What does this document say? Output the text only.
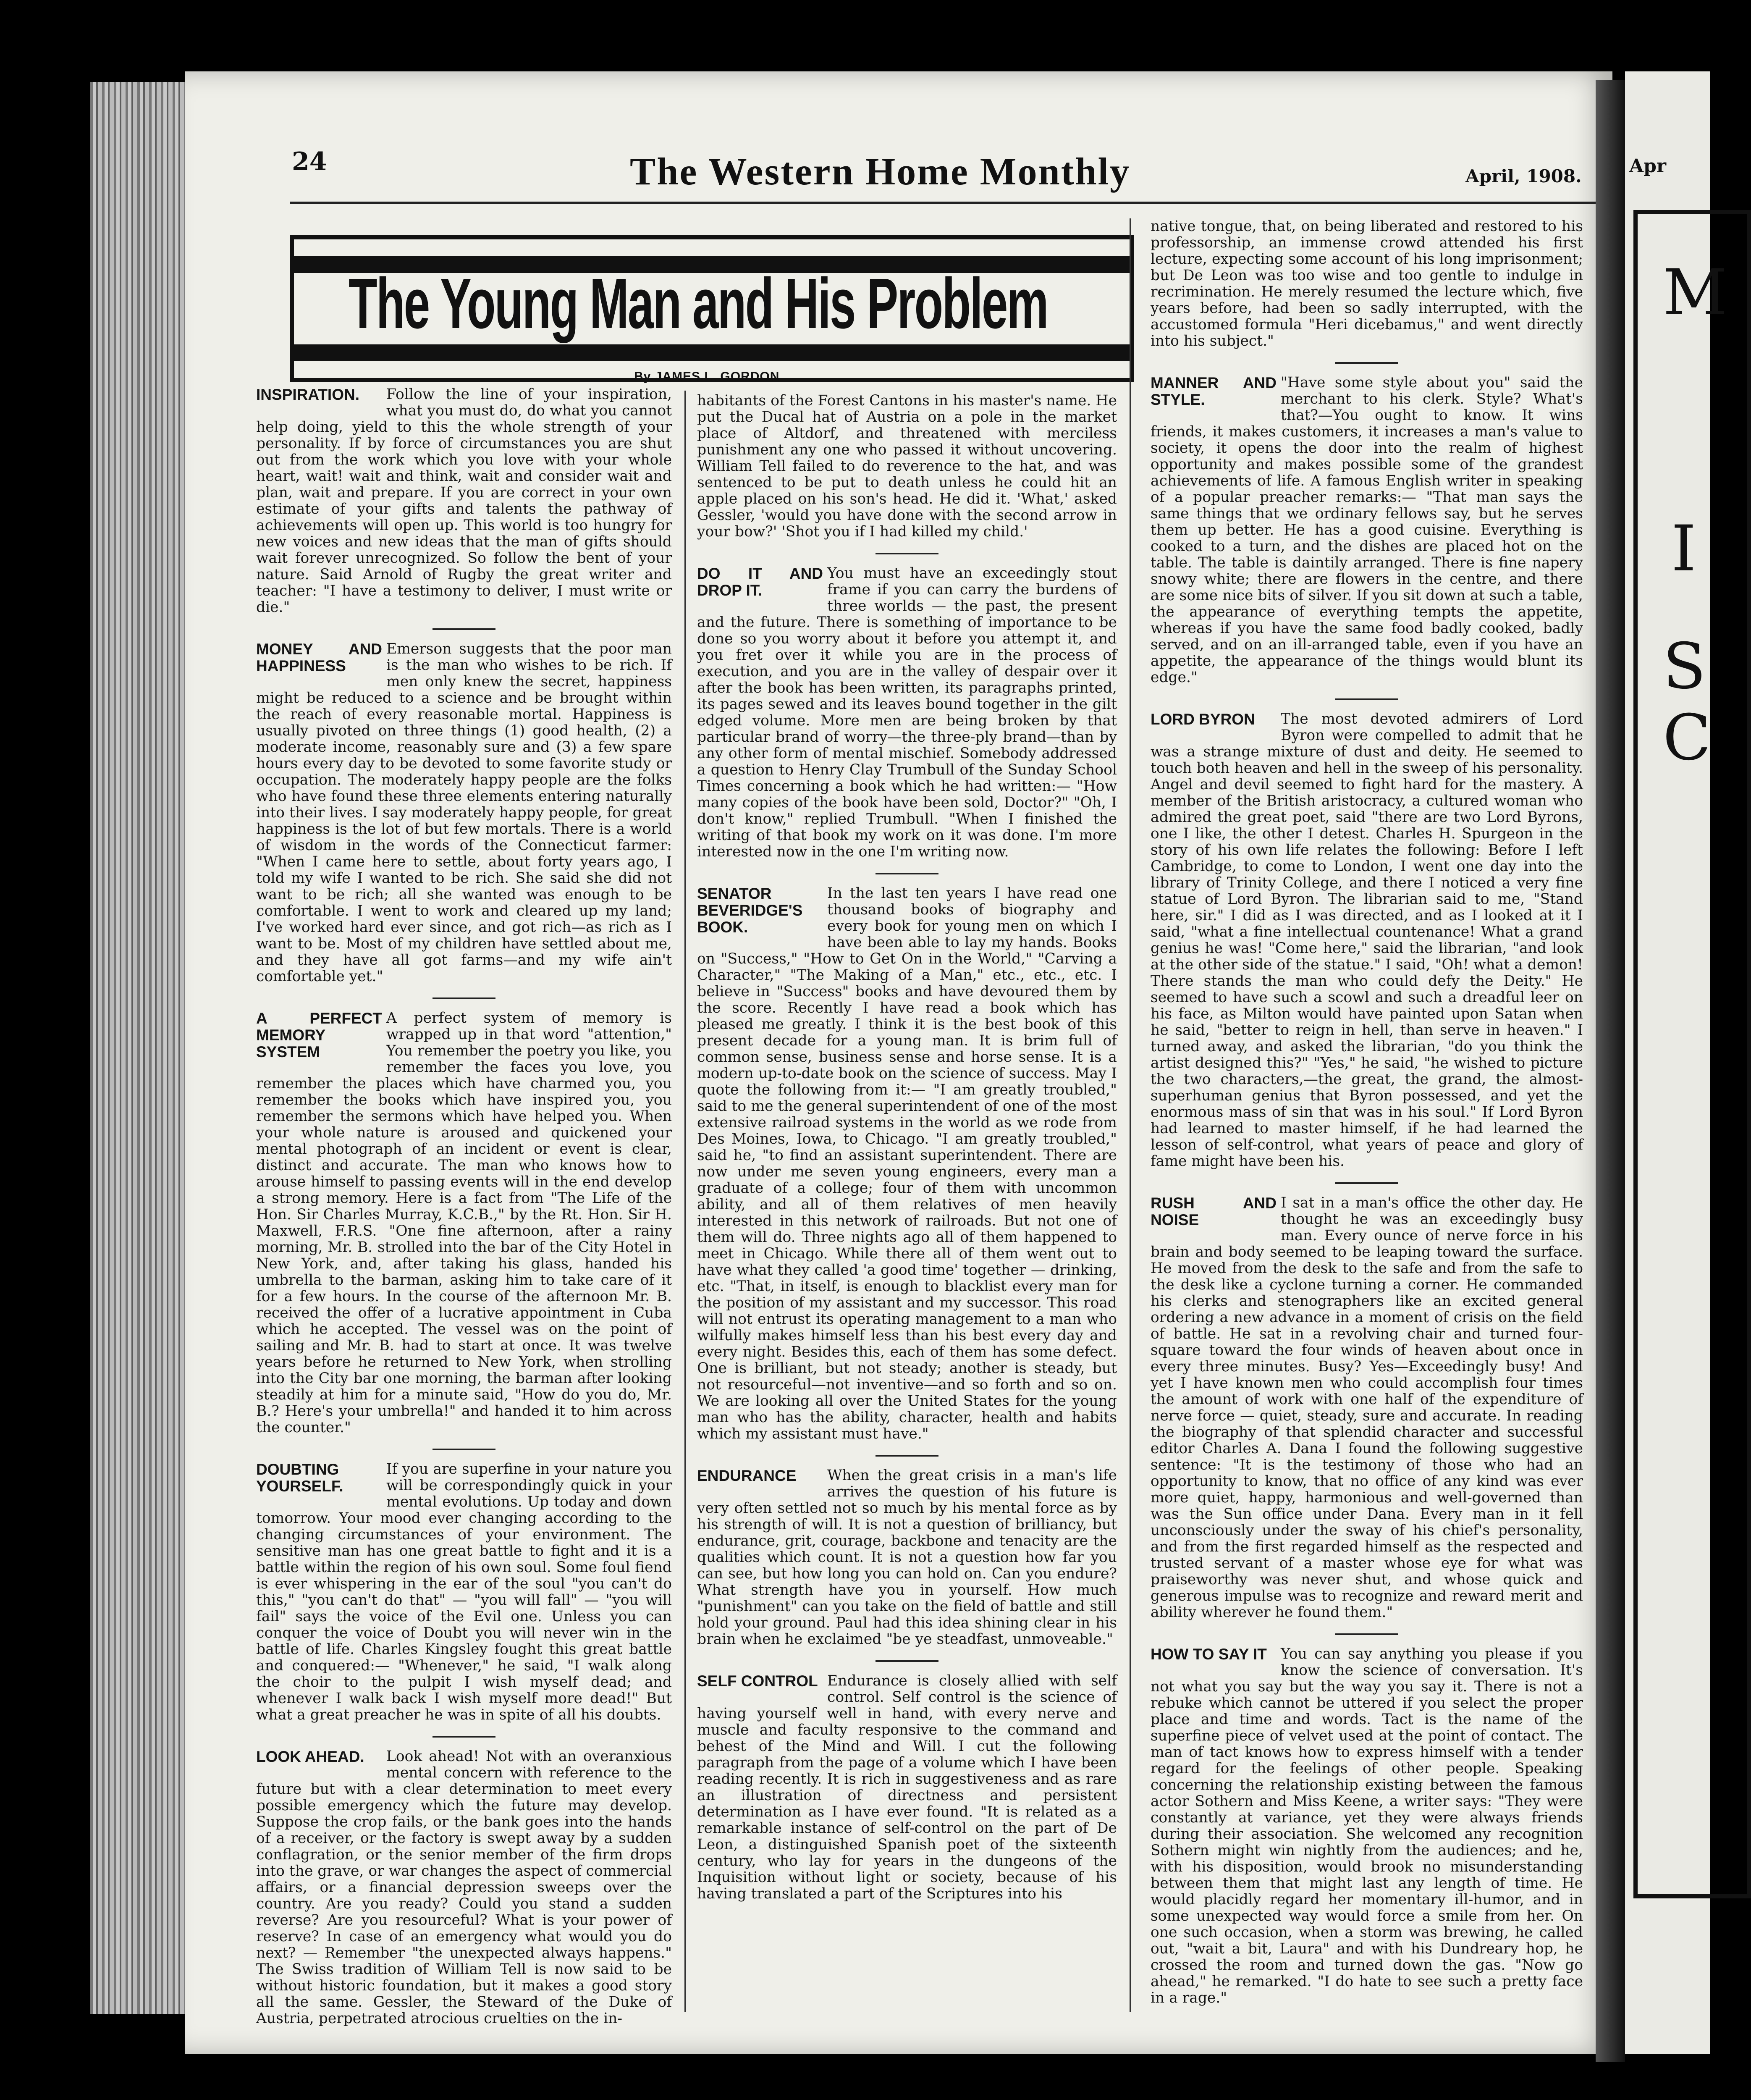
Apr
M
I
S
C
24	The Western Home Monthly	April, 1908.
The Young Man and His Problem
By JAMES L. GORDON
INSPIRATION.	Follow the line of your inspiration, what you must do, do what you cannot help doing, yield to this the whole strength of your personality. If by force of circumstances you are shut out from the work which you love with your whole heart, wait! wait and think, wait and consider wait and plan, wait and prepare. If you are correct in your own estimate of your gifts and talents the pathway of achievements will open up. This world is too hungry for new voices and new ideas that the man of gifts should wait forever unrecognized. So follow the bent of your nature. Said Arnold of Rugby the great writer and teacher: "I have a testimony to deliver, I must write or die."

MONEY AND HAPPINESS

Emerson suggests that the poor man is the man who wishes to be rich. If men only knew the secret, happiness might be reduced to a science and be brought within the reach of every reasonable mortal. Happiness is usually pivoted on three things (1) good health, (2) a moderate income, reasonably sure and (3) a few spare hours every day to be devoted to some favorite study or occupation. The moderately happy people are the folks who have found these three elements entering naturally into their lives. I say moderately happy people, for great happiness is the lot of but few mortals. There is a world of wisdom in the words of the Connecticut farmer: "When I came here to settle, about forty years ago, I told my wife I wanted to be rich. She said she did not want to be rich; all she wanted was enough to be comfortable. I went to work and cleared up my land; I've worked hard ever since, and got rich—as rich as I want to be. Most of my children have settled about me, and they have all got farms—and my wife ain't comfortable yet."

A PERFECT MEMORY SYSTEM

A perfect system of memory is wrapped up in that word "attention," You remember the poetry you like, you remember the faces you love, you remember the places which have charmed you, you remember the books which have inspired you, you remember the sermons which have helped you. When your whole nature is aroused and quickened your mental photograph of an incident or event is clear, distinct and accurate. The man who knows how to arouse himself to passing events will in the end develop a strong memory. Here is a fact from "The Life of the Hon. Sir Charles Murray, K.C.B.," by the Rt. Hon. Sir H. Maxwell, F.R.S. "One fine afternoon, after a rainy morning, Mr. B. strolled into the bar of the City Hotel in New York, and, after taking his glass, handed his umbrella to the barman, asking him to take care of it for a few hours. In the course of the afternoon Mr. B. received the offer of a lucrative appointment in Cuba which he accepted. The vessel was on the point of sailing and Mr. B. had to start at once. It was twelve years before he returned to New York, when strolling into the City bar one morning, the barman after looking steadily at him for a minute said, "How do you do, Mr. B.? Here's your umbrella!" and handed it to him across the counter."

DOUBTING YOURSELF.

If you are superfine in your nature you will be correspondingly quick in your mental evolutions. Up today and down tomorrow. Your mood ever changing according to the changing circumstances of your environment. The sensitive man has one great battle to fight and it is a battle within the region of his own soul. Some foul fiend is ever whispering in the ear of the soul "you can't do this," "you can't do that" — "you will fall" — "you will fail" says the voice of the Evil one. Unless you can conquer the voice of Doubt you will never win in the battle of life. Charles Kingsley fought this great battle and conquered:— "Whenever," he said, "I walk along the choir to the pulpit I wish myself dead; and whenever I walk back I wish myself more dead!" But what a great preacher he was in spite of all his doubts.

LOOK AHEAD.	Look ahead! Not with an overanxious mental concern with reference to the future but with a clear determination to meet every possible emergency which the future may develop. Suppose the crop fails, or the bank goes into the hands of a receiver, or the factory is swept away by a sudden conflagration, or the senior member of the firm drops into the grave, or war changes the aspect of commercial affairs, or a financial depression sweeps over the country. Are you ready? Could you stand a sudden reverse? Are you resourceful? What is your power of reserve? In case of an emergency what would you do next? — Remember "the unexpected always happens." The Swiss tradition of William Tell is now said to be without historic foundation, but it makes a good story all the same. Gessler, the Steward of the Duke of Austria, perpetrated atrocious cruelties on the in-

habitants of the Forest Cantons in his master's name. He put the Ducal hat of Austria on a pole in the market place of Altdorf, and threatened with merciless punishment any one who passed it without uncovering. William Tell failed to do reverence to the hat, and was sentenced to be put to death unless he could hit an apple placed on his son's head. He did it. 'What,' asked Gessler, 'would you have done with the second arrow in your bow?' 'Shot you if I had killed my child.'

DO IT AND DROP IT.

You must have an exceedingly stout frame if you can carry the burdens of three worlds — the past, the present and the future. There is something of importance to be done so you worry about it before you attempt it, and you fret over it while you are in the process of execution, and you are in the valley of despair over it after the book has been written, its paragraphs printed, its pages sewed and its leaves bound together in the gilt edged volume. More men are being broken by that particular brand of worry—the three-ply brand—than by any other form of mental mischief. Somebody addressed a question to Henry Clay Trumbull of the Sunday School Times concerning a book which he had written:— "How many copies of the book have been sold, Doctor?" "Oh, I don't know," replied Trumbull. "When I finished the writing of that book my work on it was done. I'm more interested now in the one I'm writing now.

SENATOR BEVERIDGE'S BOOK.

In the last ten years I have read one thousand books of biography and every book for young men on which I have been able to lay my hands. Books on "Success," "How to Get On in the World," "Carving a Character," "The Making of a Man," etc., etc., etc. I believe in "Success" books and have devoured them by the score. Recently I have read a book which has pleased me greatly. I think it is the best book of this present decade for a young man. It is brim full of common sense, business sense and horse sense. It is a modern up-to-date book on the science of success. May I quote the following from it:— "I am greatly troubled," said to me the general superintendent of one of the most extensive railroad systems in the world as we rode from Des Moines, Iowa, to Chicago. "I am greatly troubled," said he, "to find an assistant superintendent. There are now under me seven young engineers, every man a graduate of a college; four of them with uncommon ability, and all of them relatives of men heavily interested in this network of railroads. But not one of them will do. Three nights ago all of them happened to meet in Chicago. While there all of them went out to have what they called 'a good time' together — drinking, etc. "That, in itself, is enough to blacklist every man for the position of my assistant and my successor. This road will not entrust its operating management to a man who wilfully makes himself less than his best every day and every night. Besides this, each of them has some defect. One is brilliant, but not steady; another is steady, but not resourceful—not inventive—and so forth and so on. We are looking all over the United States for the young man who has the ability, character, health and habits which my assistant must have."

ENDURANCE	When the great crisis in a man's life arrives the question of his future is very often settled not so much by his mental force as by his strength of will. It is not a question of brilliancy, but endurance, grit, courage, backbone and tenacity are the qualities which count. It is not a question how far you can see, but how long you can hold on. Can you endure? What strength have you in yourself. How much "punishment" can you take on the field of battle and still hold your ground. Paul had this idea shining clear in his brain when he exclaimed "be ye steadfast, unmoveable."

SELF CONTROL Endurance is closely allied with self control. Self control is the science of having yourself well in hand, with every nerve and muscle and faculty responsive to the command and behest of the Mind and Will. I cut the following paragraph from the page of a volume which I have been reading recently. It is rich in suggestiveness and as rare an illustration of directness and persistent determination as I have ever found. "It is related as a remarkable instance of self-control on the part of De Leon, a distinguished Spanish poet of the sixteenth century, who lay for years in the dungeons of the Inquisition without light or society, because of his having translated a part of the Scriptures into his

native tongue, that, on being liberated and restored to his professorship, an immense crowd attended his first lecture, expecting some account of his long imprisonment; but De Leon was too wise and too gentle to indulge in recrimination. He merely resumed the lecture which, five years before, had been so sadly interrupted, with the accustomed formula "Heri dicebamus," and went directly into his subject."

MANNER AND STYLE.

"Have some style about you" said the merchant to his clerk. Style? What's that?—You ought to know. It wins friends, it makes customers, it increases a man's value to society, it opens the door into the realm of highest opportunity and makes possible some of the grandest achievements of life. A famous English writer in speaking of a popular preacher remarks:— "That man says the same things that we ordinary fellows say, but he serves them up better. He has a good cuisine. Everything is cooked to a turn, and the dishes are placed hot on the table. The table is daintily arranged. There is fine napery snowy white; there are flowers in the centre, and there are some nice bits of silver. If you sit down at such a table, the appearance of everything tempts the appetite, whereas if you have the same food badly cooked, badly served, and on an ill-arranged table, even if you have an appetite, the appearance of the things would blunt its edge."

LORD BYRON	The most devoted admirers of Lord Byron were compelled to admit that he was a strange mixture of dust and deity. He seemed to touch both heaven and hell in the sweep of his personality. Angel and devil seemed to fight hard for the mastery. A member of the British aristocracy, a cultured woman who admired the great poet, said "there are two Lord Byrons, one I like, the other I detest. Charles H. Spurgeon in the story of his own life relates the following: Before I left Cambridge, to come to London, I went one day into the library of Trinity College, and there I noticed a very fine statue of Lord Byron. The librarian said to me, "Stand here, sir." I did as I was directed, and as I looked at it I said, "what a fine intellectual countenance! What a grand genius he was! "Come here," said the librarian, "and look at the other side of the statue." I said, "Oh! what a demon! There stands the man who could defy the Deity." He seemed to have such a scowl and such a dreadful leer on his face, as Milton would have painted upon Satan when he said, "better to reign in hell, than serve in heaven." I turned away, and asked the librarian, "do you think the artist designed this?" "Yes," he said, "he wished to picture the two characters,—the great, the grand, the almost-superhuman genius that Byron possessed, and yet the enormous mass of sin that was in his soul." If Lord Byron had learned to master himself, if he had learned the lesson of self-control, what years of peace and glory of fame might have been his.

RUSH AND NOISE

I sat in a man's office the other day. He thought he was an exceedingly busy man. Every ounce of nerve force in his brain and body seemed to be leaping toward the surface. He moved from the desk to the safe and from the safe to the desk like a cyclone turning a corner. He commanded his clerks and stenographers like an excited general ordering a new advance in a moment of crisis on the field of battle. He sat in a revolving chair and turned four-square toward the four winds of heaven about once in every three minutes. Busy? Yes—Exceedingly busy! And yet I have known men who could accomplish four times the amount of work with one half of the expenditure of nerve force — quiet, steady, sure and accurate. In reading the biography of that splendid character and successful editor Charles A. Dana I found the following suggestive sentence: "It is the testimony of those who had an opportunity to know, that no office of any kind was ever more quiet, happy, harmonious and well-governed than was the Sun office under Dana. Every man in it fell unconsciously under the sway of his chief's personality, and from the first regarded himself as the respected and trusted servant of a master whose eye for what was praiseworthy was never shut, and whose quick and generous impulse was to recognize and reward merit and ability wherever he found them."

HOW TO SAY IT You can say anything you please if you know the science of conversation. It's not what you say but the way you say it. There is not a rebuke which cannot be uttered if you select the proper place and time and words. Tact is the name of the superfine piece of velvet used at the point of contact. The man of tact knows how to express himself with a tender regard for the feelings of other people. Speaking concerning the relationship existing between the famous actor Sothern and Miss Keene, a writer says: "They were constantly at variance, yet they were always friends during their association. She welcomed any recognition Sothern might win nightly from the audiences; and he, with his disposition, would brook no misunderstanding between them that might last any length of time. He would placidly regard her momentary ill-humor, and in some unexpected way would force a smile from her. On one such occasion, when a storm was brewing, he called out, "wait a bit, Laura" and with his Dundreary hop, he crossed the room and turned down the gas. "Now go ahead," he remarked. "I do hate to see such a pretty face in a rage."
